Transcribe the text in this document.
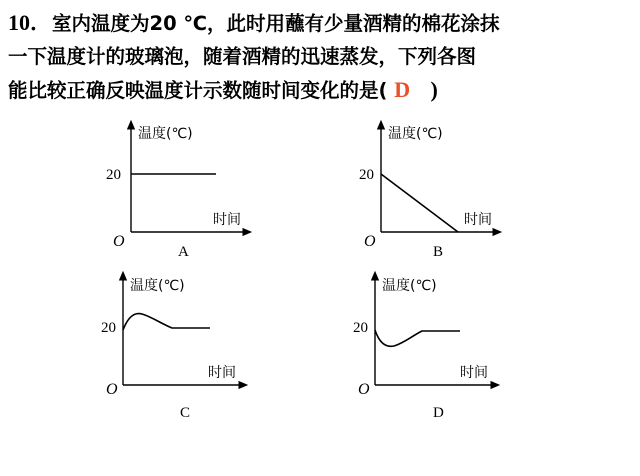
10．室内温度为20 ℃，此时用蘸有少量酒精的棉花涂抹
一下温度计的玻璃泡，随着酒精的迅速蒸发，下列各图
能比较正确反映温度计示数随时间变化的是( D )
温度(℃)
20
时间
O
A
温度(℃)
20
时间
O
B
温度(℃)
20
时间
O
C
温度(℃)
20
时间
O
D
